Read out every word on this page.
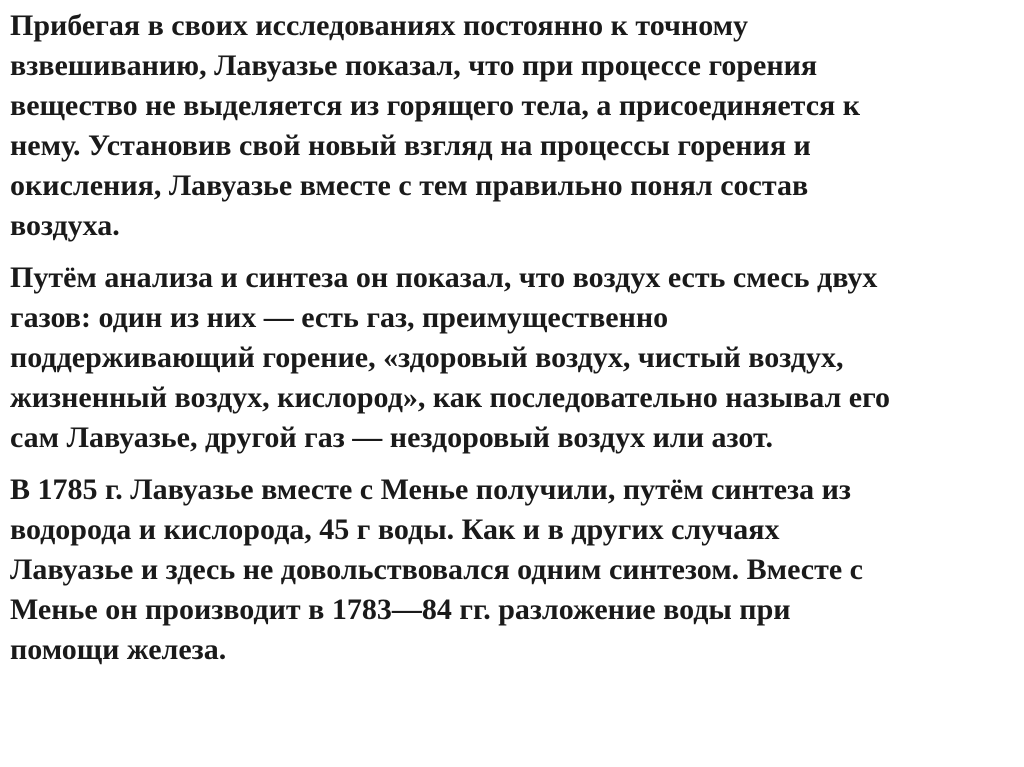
Прибегая в своих исследованиях постоянно к точному
взвешиванию, Лавуазье показал, что при процессе горения
вещество не выделяется из горящего тела, а присоединяется к
нему. Установив свой новый взгляд на процессы горения и
окисления, Лавуазье вместе с тем правильно понял состав
воздуха.

Путём анализа и синтеза он показал, что воздух есть смесь двух
газов: один из них — есть газ, преимущественно
поддерживающий горение, «здоровый воздух, чистый воздух,
жизненный воздух, кислород», как последовательно называл его
сам Лавуазье, другой газ — нездоровый воздух или азот.

В 1785 г. Лавуазье вместе с Менье получили, путём синтеза из
водорода и кислорода, 45 г воды. Как и в других случаях
Лавуазье и здесь не довольствовался одним синтезом. Вместе с
Менье он производит в 1783—84 гг. разложение воды при
помощи железа.
